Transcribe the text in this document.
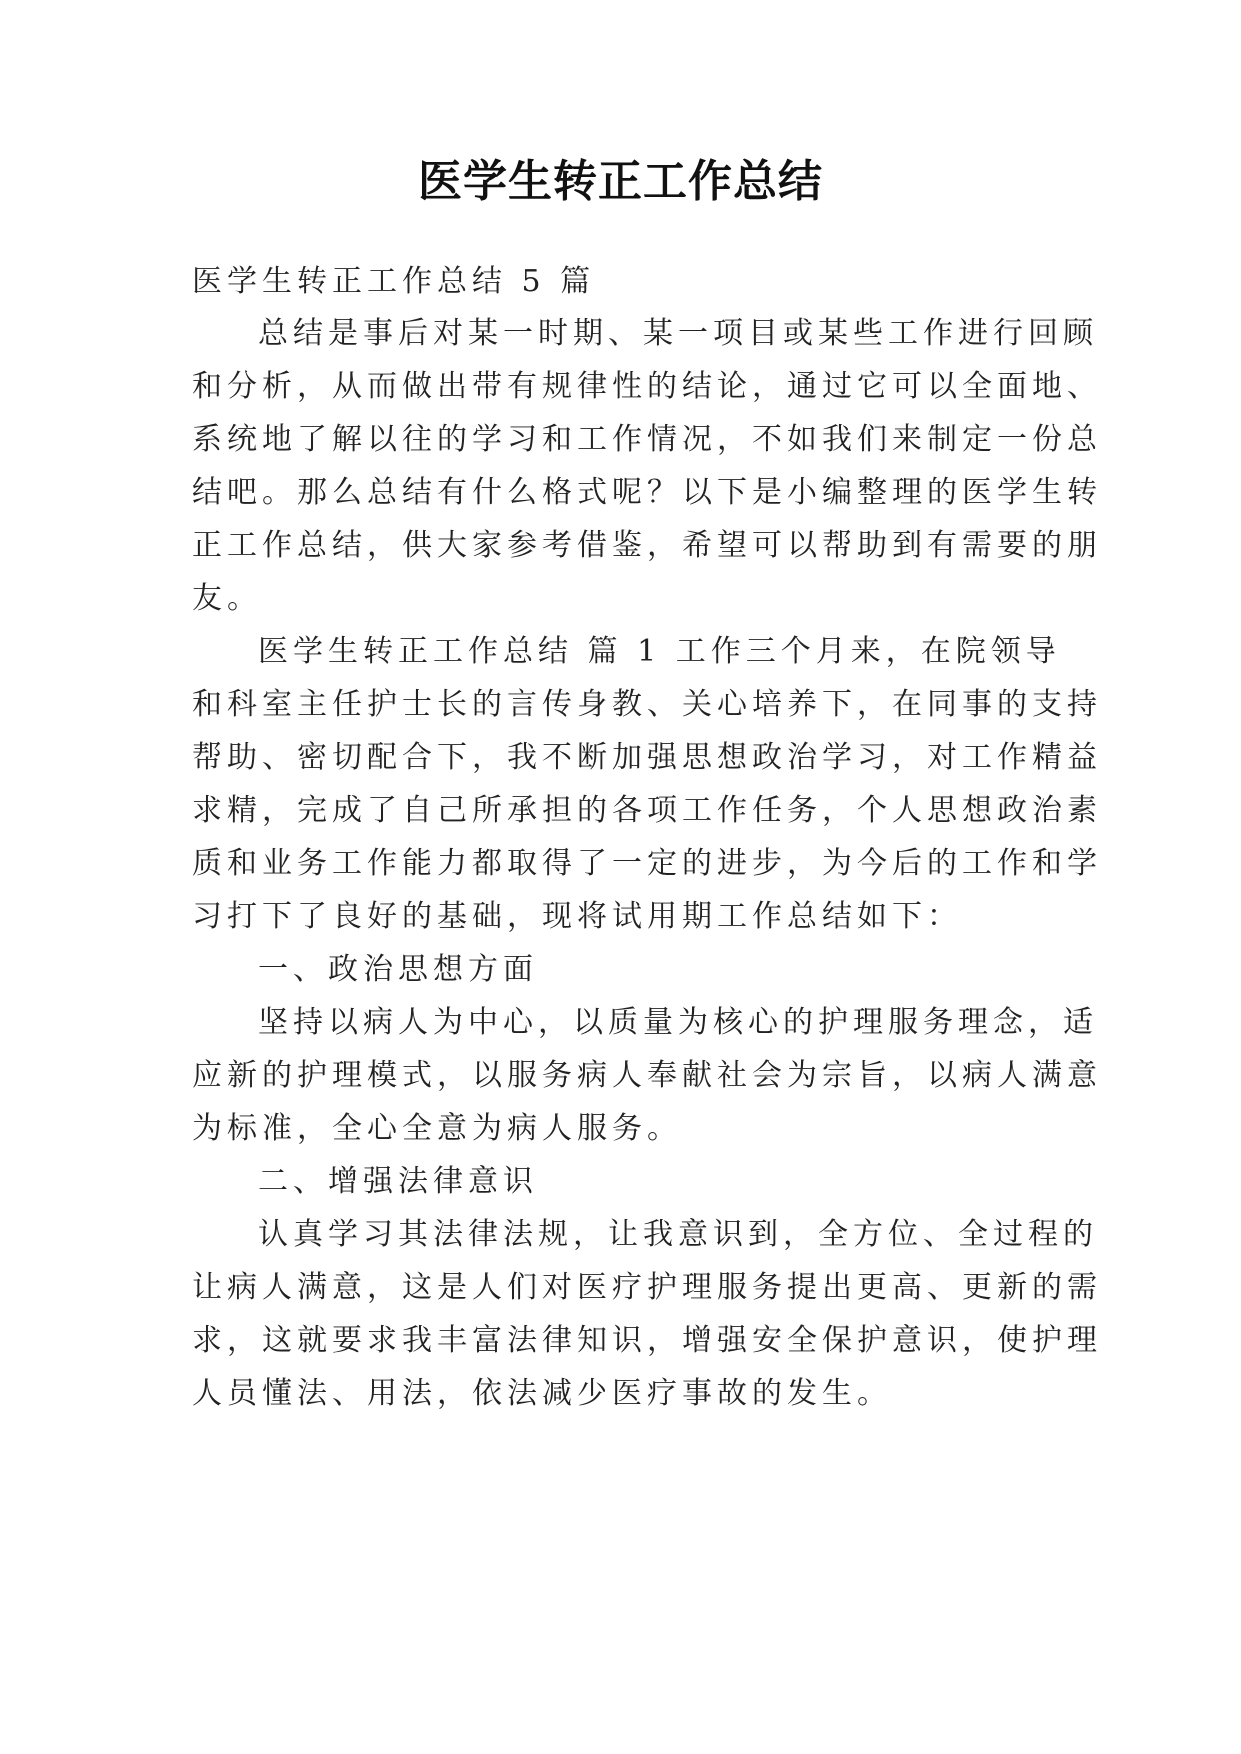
医学生转正工作总结
医学生转正工作总结 5 篇
总结是事后对某一时期、某一项目或某些工作进行回顾
和分析，从而做出带有规律性的结论，通过它可以全面地、
系统地了解以往的学习和工作情况，不如我们来制定一份总
结吧。那么总结有什么格式呢？以下是小编整理的医学生转
正工作总结，供大家参考借鉴，希望可以帮助到有需要的朋
友。
医学生转正工作总结 篇 1 工作三个月来，在院领导
和科室主任护士长的言传身教、关心培养下，在同事的支持
帮助、密切配合下，我不断加强思想政治学习，对工作精益
求精，完成了自己所承担的各项工作任务，个人思想政治素
质和业务工作能力都取得了一定的进步，为今后的工作和学
习打下了良好的基础，现将试用期工作总结如下：
一、政治思想方面
坚持以病人为中心，以质量为核心的护理服务理念，适
应新的护理模式，以服务病人奉献社会为宗旨，以病人满意
为标准，全心全意为病人服务。
二、增强法律意识
认真学习其法律法规，让我意识到，全方位、全过程的
让病人满意，这是人们对医疗护理服务提出更高、更新的需
求，这就要求我丰富法律知识，增强安全保护意识，使护理
人员懂法、用法，依法减少医疗事故的发生。
